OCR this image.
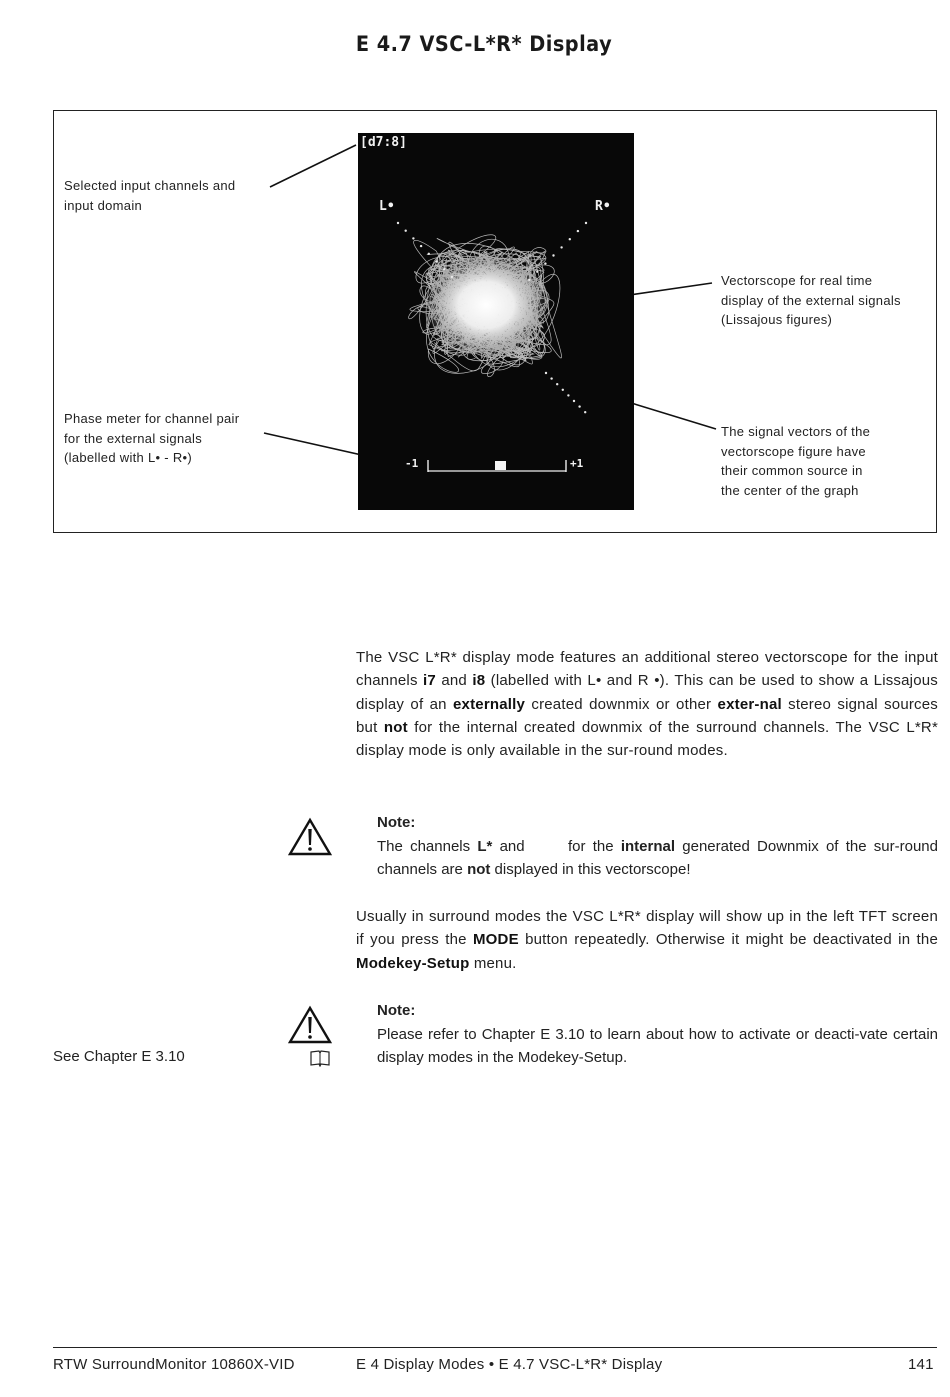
E 4.7 VSC-L*R* Display
[d7:8]
L•	R•
-1	+1
Selected input channels and
input domain
Vectorscope for real time
display of the external signals
(Lissajous figures)
Phase meter for channel pair
for the external signals
(labelled with L• - R•)
The signal vectors of the
vectorscope figure have
their common source in
the center of the graph
The VSC L*R* display mode features an additional stereo vectorscope for the input channels i7 and i8 (labelled with L• and R •). This can be used to show a Lissajous display of an externally created downmix or other exter-nal stereo signal sources but not for the internal created downmix of the surround channels. The VSC L*R* display mode is only available in the sur-round modes.
Note:
The channels L* and      for the internal generated Downmix of the sur-round channels are not displayed in this vectorscope!
Usually in surround modes the VSC L*R* display will show up in the left TFT screen if you press the MODE button repeatedly. Otherwise it might be deactivated in the Modekey-Setup menu.
Note:
Please refer to Chapter E 3.10 to learn about how to activate or deacti-vate certain display modes in the Modekey-Setup.
See Chapter E 3.10
RTW SurroundMonitor 10860X-VID	E 4 Display Modes • E 4.7 VSC-L*R* Display	141
